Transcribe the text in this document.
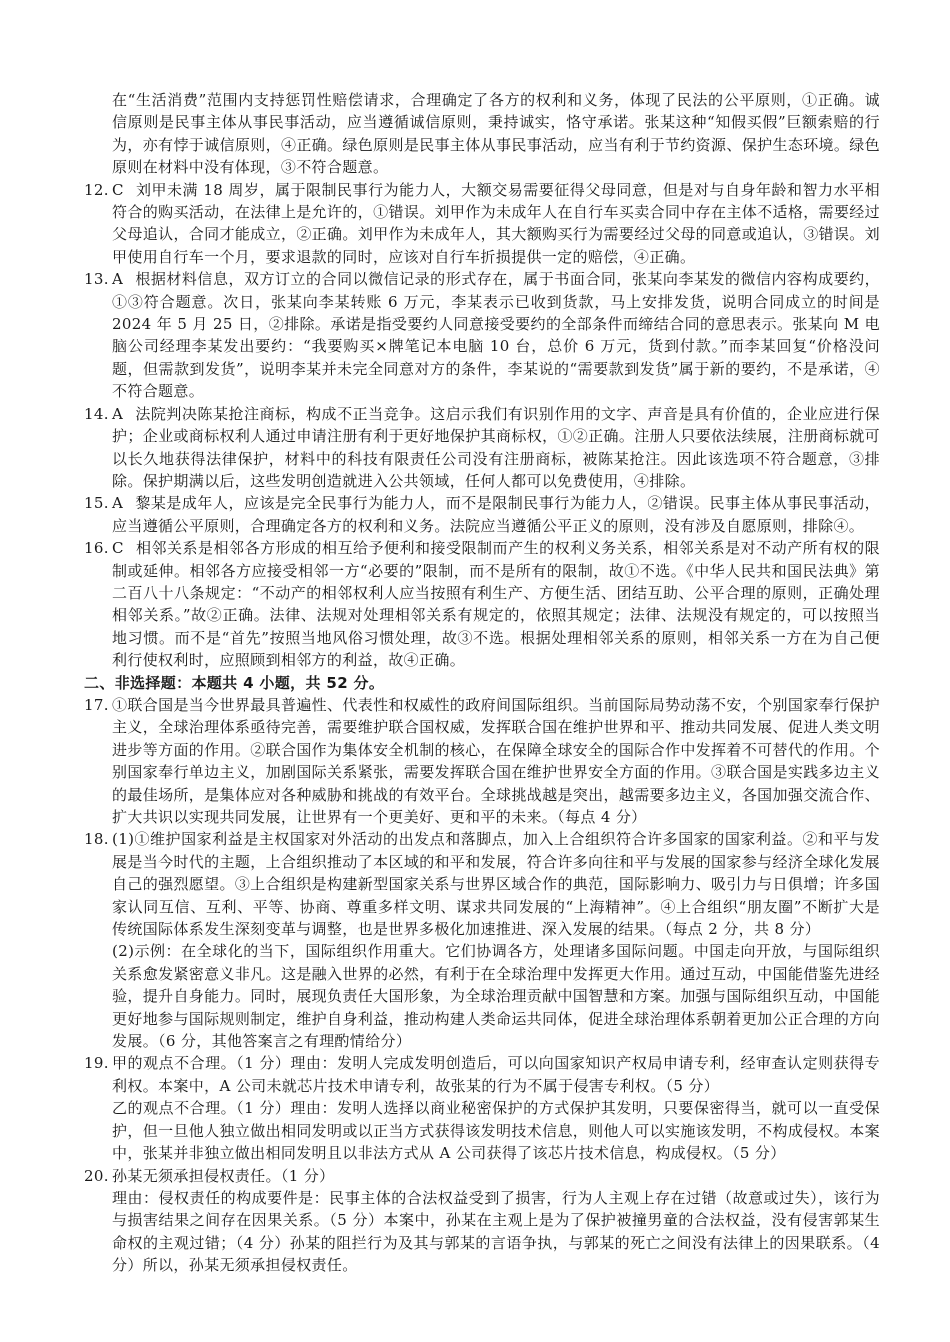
在“生活消费”范围内支持惩罚性赔偿请求，合理确定了各方的权利和义务，体现了民法的公平原则，①正确。诚信原则是民事主体从事民事活动，应当遵循诚信原则，秉持诚实，恪守承诺。张某这种“知假买假”巨额索赔的行为，亦有悖于诚信原则，④正确。绿色原则是民事主体从事民事活动，应当有利于节约资源、保护生态环境。绿色原则在材料中没有体现，③不符合题意。

12. C 刘甲未满 18 周岁，属于限制民事行为能力人，大额交易需要征得父母同意，但是对与自身年龄和智力水平相符合的购买活动，在法律上是允许的，①错误。刘甲作为未成年人在自行车买卖合同中存在主体不适格，需要经过父母追认，合同才能成立，②正确。刘甲作为未成年人，其大额购买行为需要经过父母的同意或追认，③错误。刘甲使用自行车一个月，要求退款的同时，应该对自行车折损提供一定的赔偿，④正确。

13. A 根据材料信息，双方订立的合同以微信记录的形式存在，属于书面合同，张某向李某发的微信内容构成要约，①③符合题意。次日，张某向李某转账 6 万元，李某表示已收到货款，马上安排发货，说明合同成立的时间是 2024 年 5 月 25 日，②排除。承诺是指受要约人同意接受要约的全部条件而缔结合同的意思表示。张某向 M 电脑公司经理李某发出要约：“我要购买×牌笔记本电脑 10 台，总价 6 万元，货到付款。”而李某回复“价格没问题，但需款到发货”，说明李某并未完全同意对方的条件，李某说的“需要款到发货”属于新的要约，不是承诺，④不符合题意。

14. A 法院判决陈某抢注商标，构成不正当竞争。这启示我们有识别作用的文字、声音是具有价值的，企业应进行保护；企业或商标权利人通过申请注册有利于更好地保护其商标权，①②正确。注册人只要依法续展，注册商标就可以长久地获得法律保护，材料中的科技有限责任公司没有注册商标，被陈某抢注。因此该选项不符合题意，③排除。保护期满以后，这些发明创造就进入公共领域，任何人都可以免费使用，④排除。

15. A 黎某是成年人，应该是完全民事行为能力人，而不是限制民事行为能力人，②错误。民事主体从事民事活动，应当遵循公平原则，合理确定各方的权利和义务。法院应当遵循公平正义的原则，没有涉及自愿原则，排除④。

16. C 相邻关系是相邻各方形成的相互给予便利和接受限制而产生的权利义务关系，相邻关系是对不动产所有权的限制或延伸。相邻各方应接受相邻一方“必要的”限制，而不是所有的限制，故①不选。《中华人民共和国民法典》第二百八十八条规定：“不动产的相邻权利人应当按照有利生产、方便生活、团结互助、公平合理的原则，正确处理相邻关系。”故②正确。法律、法规对处理相邻关系有规定的，依照其规定；法律、法规没有规定的，可以按照当地习惯。而不是“首先”按照当地风俗习惯处理，故③不选。根据处理相邻关系的原则，相邻关系一方在为自己便利行使权利时，应照顾到相邻方的利益，故④正确。

二、非选择题：本题共 4 小题，共 52 分。

17. ①联合国是当今世界最具普遍性、代表性和权威性的政府间国际组织。当前国际局势动荡不安，个别国家奉行保护主义，全球治理体系亟待完善，需要维护联合国权威，发挥联合国在维护世界和平、推动共同发展、促进人类文明进步等方面的作用。②联合国作为集体安全机制的核心，在保障全球安全的国际合作中发挥着不可替代的作用。个别国家奉行单边主义，加剧国际关系紧张，需要发挥联合国在维护世界安全方面的作用。③联合国是实践多边主义的最佳场所，是集体应对各种威胁和挑战的有效平台。全球挑战越是突出，越需要多边主义，各国加强交流合作、扩大共识以实现共同发展，让世界有一个更美好、更和平的未来。（每点 4 分）

18. (1)①维护国家利益是主权国家对外活动的出发点和落脚点，加入上合组织符合许多国家的国家利益。②和平与发展是当今时代的主题，上合组织推动了本区域的和平和发展，符合许多向往和平与发展的国家参与经济全球化发展自己的强烈愿望。③上合组织是构建新型国家关系与世界区域合作的典范，国际影响力、吸引力与日俱增；许多国家认同互信、互利、平等、协商、尊重多样文明、谋求共同发展的“上海精神”。④上合组织“朋友圈”不断扩大是传统国际体系发生深刻变革与调整，也是世界多极化加速推进、深入发展的结果。（每点 2 分，共 8 分）

(2)示例：在全球化的当下，国际组织作用重大。它们协调各方，处理诸多国际问题。中国走向开放，与国际组织关系愈发紧密意义非凡。这是融入世界的必然，有利于在全球治理中发挥更大作用。通过互动，中国能借鉴先进经验，提升自身能力。同时，展现负责任大国形象，为全球治理贡献中国智慧和方案。加强与国际组织互动，中国能更好地参与国际规则制定，维护自身利益，推动构建人类命运共同体，促进全球治理体系朝着更加公正合理的方向发展。（6 分，其他答案言之有理酌情给分）

19. 甲的观点不合理。（1 分）理由：发明人完成发明创造后，可以向国家知识产权局申请专利，经审查认定则获得专利权。本案中，A 公司未就芯片技术申请专利，故张某的行为不属于侵害专利权。（5 分）

乙的观点不合理。（1 分）理由：发明人选择以商业秘密保护的方式保护其发明，只要保密得当，就可以一直受保护，但一旦他人独立做出相同发明或以正当方式获得该发明技术信息，则他人可以实施该发明，不构成侵权。本案中，张某并非独立做出相同发明且以非法方式从 A 公司获得了该芯片技术信息，构成侵权。（5 分）

20. 孙某无须承担侵权责任。（1 分）

理由：侵权责任的构成要件是：民事主体的合法权益受到了损害，行为人主观上存在过错（故意或过失），该行为与损害结果之间存在因果关系。（5 分）本案中，孙某在主观上是为了保护被撞男童的合法权益，没有侵害郭某生命权的主观过错；（4 分）孙某的阻拦行为及其与郭某的言语争执，与郭某的死亡之间没有法律上的因果联系。（4 分）所以，孙某无须承担侵权责任。
